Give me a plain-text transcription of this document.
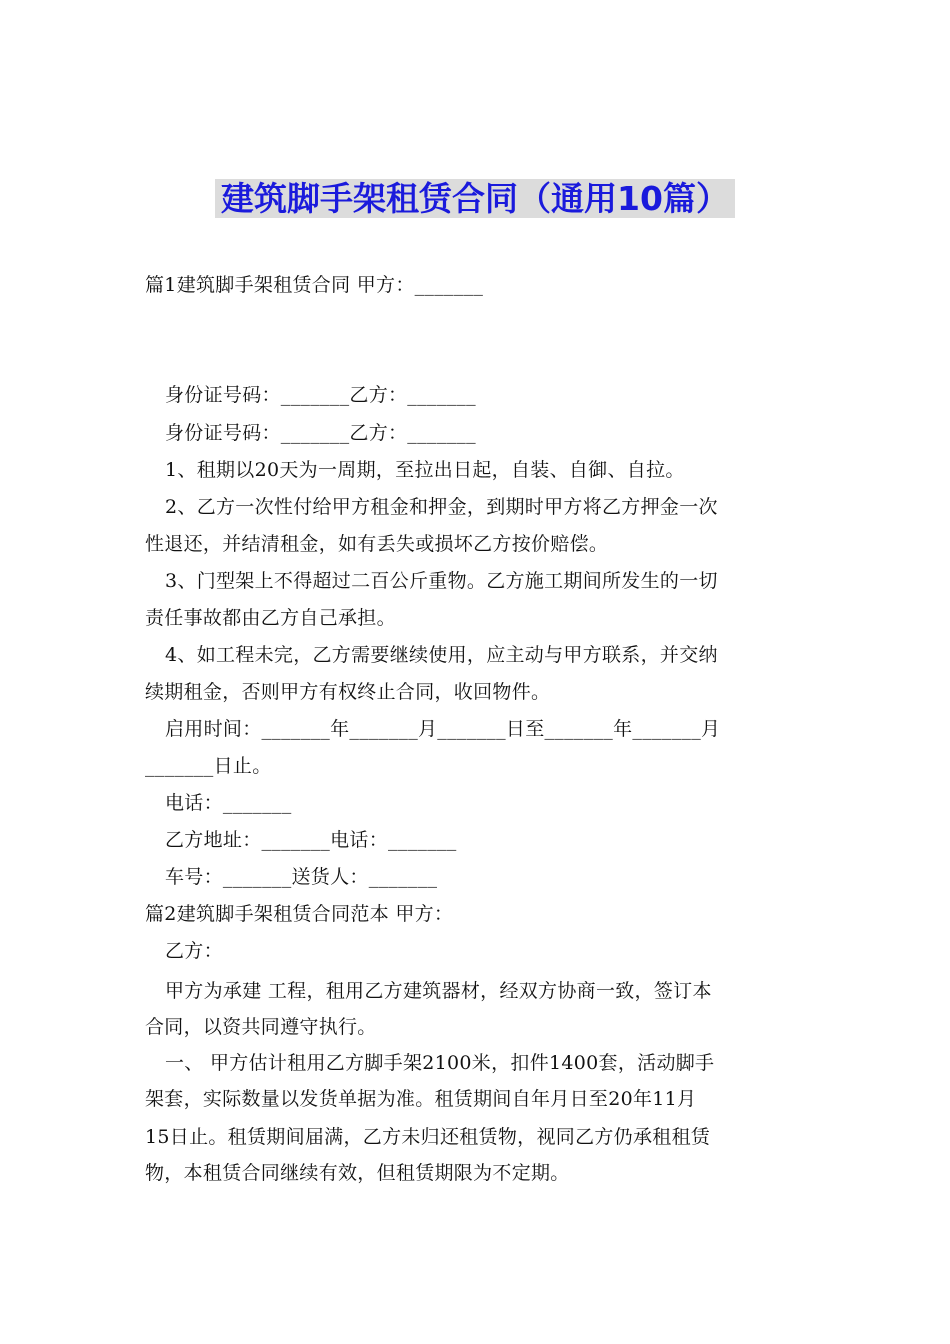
建筑脚手架租赁合同（通用10篇）
篇1建筑脚手架租赁合同 甲方：_______
身份证号码：_______乙方：_______
身份证号码：_______乙方：_______
1、租期以20天为一周期，至拉出日起，自装、自御、自拉。
2、乙方一次性付给甲方租金和押金，到期时甲方将乙方押金一次
性退还，并结清租金，如有丢失或损坏乙方按价赔偿。
3、门型架上不得超过二百公斤重物。乙方施工期间所发生的一切
责任事故都由乙方自己承担。
4、如工程未完，乙方需要继续使用，应主动与甲方联系，并交纳
续期租金，否则甲方有权终止合同，收回物件。
启用时间：_______年_______月_______日至_______年_______月
_______日止。
电话：_______
乙方地址：_______电话：_______
车号：_______送货人：_______
篇2建筑脚手架租赁合同范本 甲方：
乙方：
甲方为承建 工程，租用乙方建筑器材，经双方协商一致，签订本
合同，以资共同遵守执行。
一、 甲方估计租用乙方脚手架2100米，扣件1400套，活动脚手
架套，实际数量以发货单据为准。租赁期间自年月日至20年11月
15日止。租赁期间届满，乙方未归还租赁物，视同乙方仍承租租赁
物，本租赁合同继续有效，但租赁期限为不定期。
